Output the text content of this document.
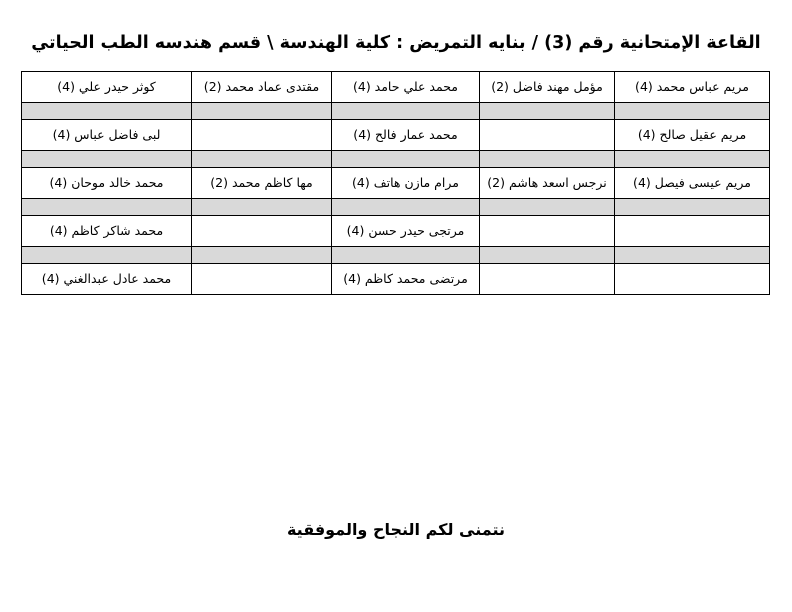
القاعة الإمتحانية رقم (3) / بنايه التمريض : كلية الهندسة \ قسم هندسه الطب الحياتي
مريم عباس محمد (4)	مؤمل مهند فاضل (2)	محمد علي حامد (4)	مقتدى عماد محمد (2)	كوثر حيدر علي (4)

مريم عقيل صالح (4)		محمد عمار فالح (4)		لبى فاضل عباس (4)

مريم عيسى فيصل (4)	نرجس اسعد هاشم (2)	مرام مازن هاتف (4)	مها كاظم محمد (2)	محمد خالد موحان (4)

		مرتجى حيدر حسن (4)		محمد شاكر كاظم (4)

		مرتضى محمد كاظم (4)		محمد عادل عبدالغني (4)
نتمنى لكم النجاح والموفقية
